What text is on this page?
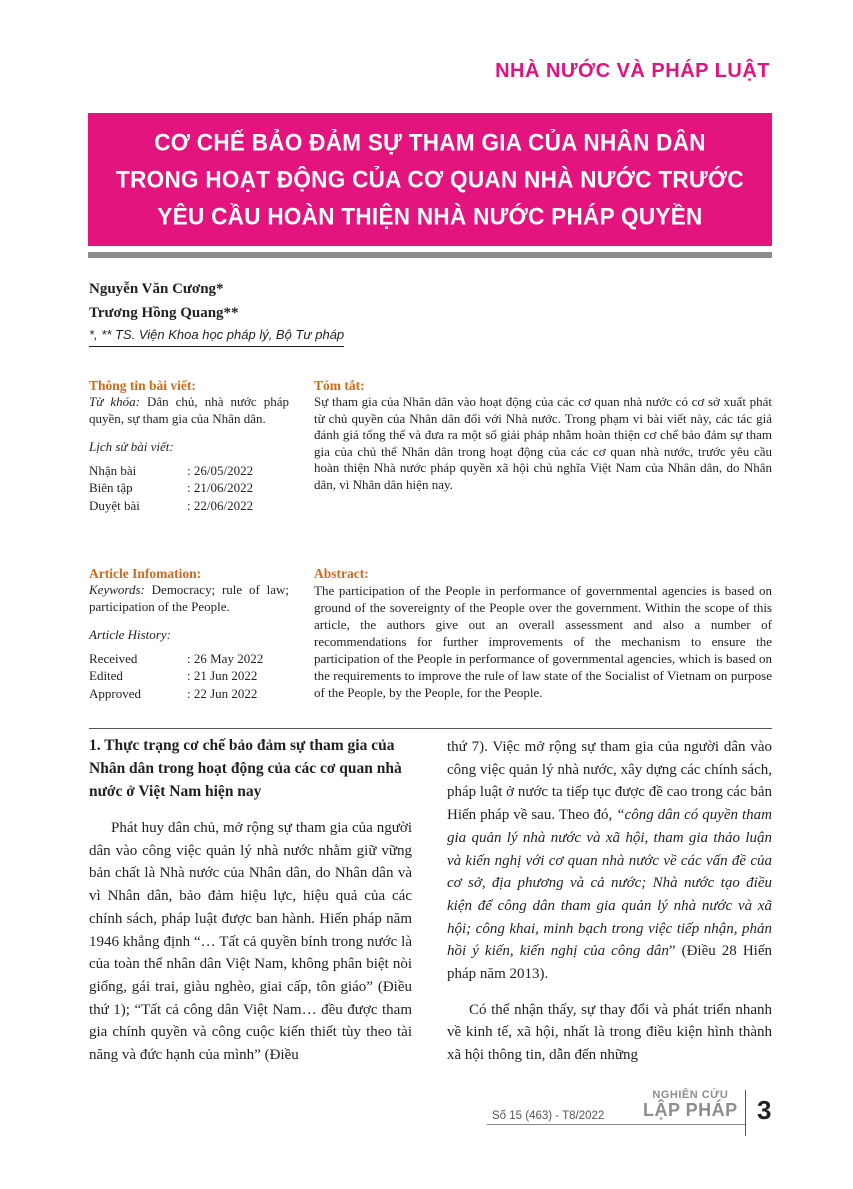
NHÀ NƯỚC VÀ PHÁP LUẬT
CƠ CHẾ BẢO ĐẢM SỰ THAM GIA CỦA NHÂN DÂN
TRONG HOẠT ĐỘNG CỦA CƠ QUAN NHÀ NƯỚC TRƯỚC
YÊU CẦU HOÀN THIỆN NHÀ NƯỚC PHÁP QUYỀN
Nguyễn Văn Cương*
Trương Hồng Quang**
*, ** TS. Viện Khoa học pháp lý, Bộ Tư pháp
Thông tin bài viết:
Từ khóa: Dân chủ, nhà nước pháp quyền, sự tham gia của Nhân dân.
Lịch sử bài viết:
Nhận bài	: 26/05/2022
Biên tập	: 21/06/2022
Duyệt bài	: 22/06/2022
Tóm tắt:
Sự tham gia của Nhân dân vào hoạt động của các cơ quan nhà nước có cơ sở xuất phát từ chủ quyền của Nhân dân đối với Nhà nước. Trong phạm vi bài viết này, các tác giả đánh giá tổng thể và đưa ra một số giải pháp nhằm hoàn thiện cơ chế bảo đảm sự tham gia của chủ thể Nhân dân trong hoạt động của các cơ quan nhà nước, trước yêu cầu hoàn thiện Nhà nước pháp quyền xã hội chủ nghĩa Việt Nam của Nhân dân, do Nhân dân, vì Nhân dân hiện nay.
Article Infomation:
Keywords: Democracy; rule of law; participation of the People.
Article History:
Received	: 26 May 2022
Edited	: 21 Jun 2022
Approved	: 22 Jun 2022
Abstract:
The participation of the People in performance of governmental agencies is based on ground of the sovereignty of the People over the government. Within the scope of this article, the authors give out an overall assessment and also a number of recommendations for further improvements of the mechanism to ensure the participation of the People in performance of governmental agencies, which is based on the requirements to improve the rule of law state of the Socialist of Vietnam on purpose of the People, by the People, for the People.

1. Thực trạng cơ chế bảo đảm sự tham gia của Nhân dân trong hoạt động của các cơ quan nhà nước ở Việt Nam hiện nay

Phát huy dân chủ, mở rộng sự tham gia của người dân vào công việc quản lý nhà nước nhằm giữ vững bản chất là Nhà nước của Nhân dân, do Nhân dân và vì Nhân dân, bảo đảm hiệu lực, hiệu quả của các chính sách, pháp luật được ban hành. Hiến pháp năm 1946 khẳng định “… Tất cả quyền bính trong nước là của toàn thể nhân dân Việt Nam, không phân biệt nòi giống, gái trai, giàu nghèo, giai cấp, tôn giáo” (Điều thứ 1); “Tất cả công dân Việt Nam… đều được tham gia chính quyền và công cuộc kiến thiết tùy theo tài năng và đức hạnh của mình” (Điều

thứ 7). Việc mở rộng sự tham gia của người dân vào công việc quản lý nhà nước, xây dựng các chính sách, pháp luật ở nước ta tiếp tục được đề cao trong các bản Hiến pháp về sau. Theo đó, “công dân có quyền tham gia quản lý nhà nước và xã hội, tham gia thảo luận và kiến nghị với cơ quan nhà nước về các vấn đề của cơ sở, địa phương và cả nước; Nhà nước tạo điều kiện để công dân tham gia quản lý nhà nước và xã hội; công khai, minh bạch trong việc tiếp nhận, phản hồi ý kiến, kiến nghị của công dân” (Điều 28 Hiến pháp năm 2013).

Có thể nhận thấy, sự thay đổi và phát triển nhanh về kinh tế, xã hội, nhất là trong điều kiện hình thành xã hội thông tin, dẫn đến những

Số 15 (463) - T8/2022
NGHIÊN CỨU
LẬP PHÁP 3
